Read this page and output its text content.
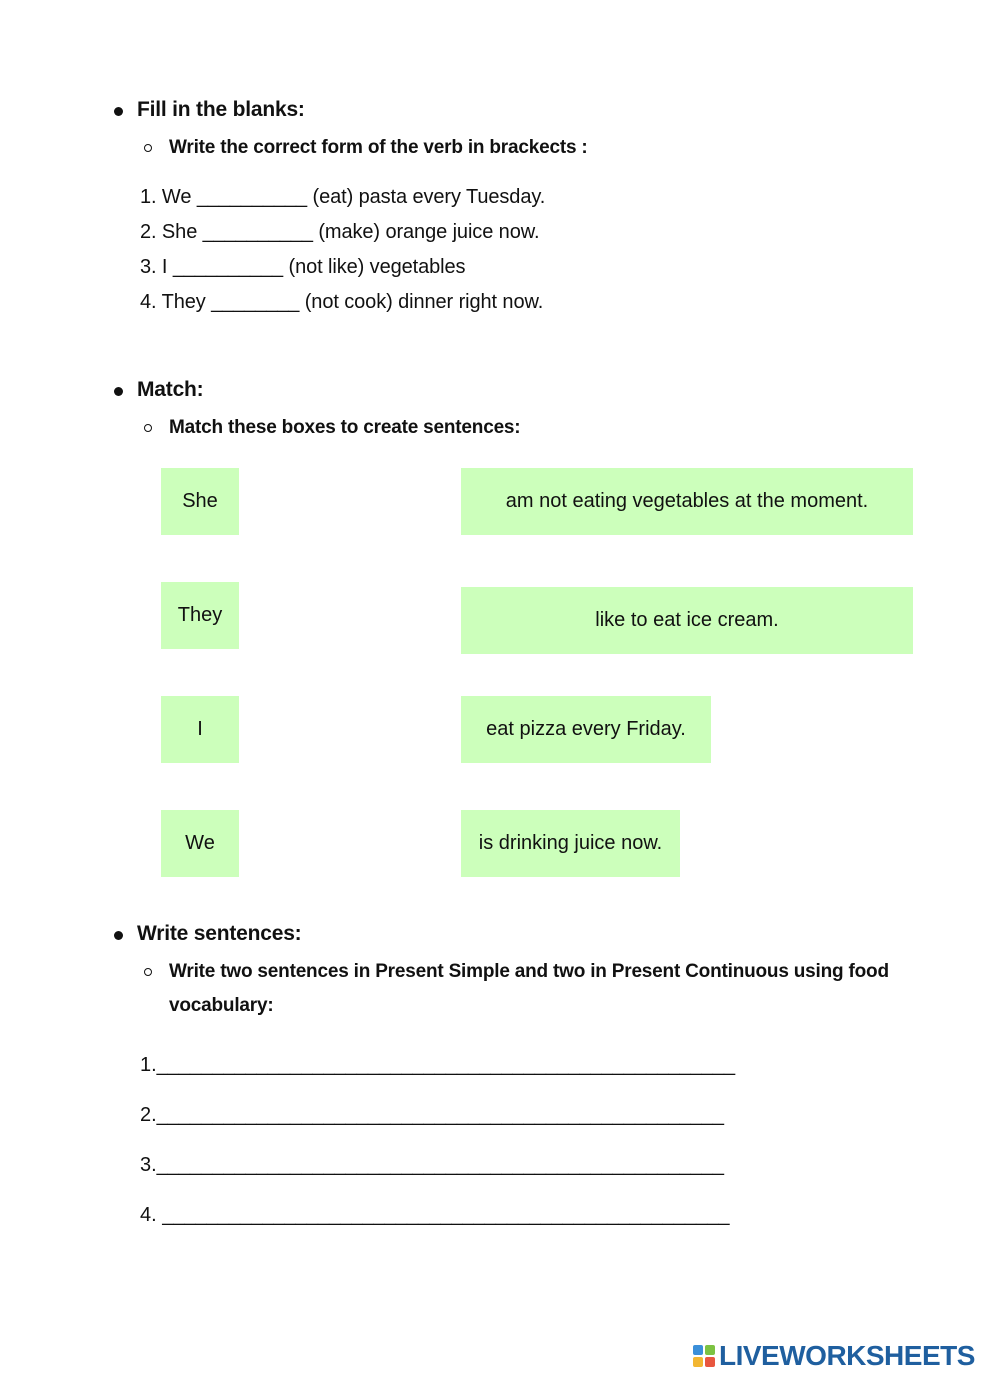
Fill in the blanks:
Write the correct form of the verb in brackects :
1. We __________ (eat) pasta every Tuesday.
2. She __________ (make) orange juice now.
3. I __________ (not like) vegetables
4. They ________ (not cook) dinner right now.
Match:
Match these boxes to create sentences:
She
They
I
We
am not eating vegetables at the moment.
like to eat ice cream.
eat pizza every Friday.
is drinking juice now.
Write sentences:
Write two sentences in Present Simple and two in Present Continuous using food vocabulary:
1.____________________________________________________
2.___________________________________________________
3.___________________________________________________
4. ___________________________________________________
LIVEWORKSHEETS
